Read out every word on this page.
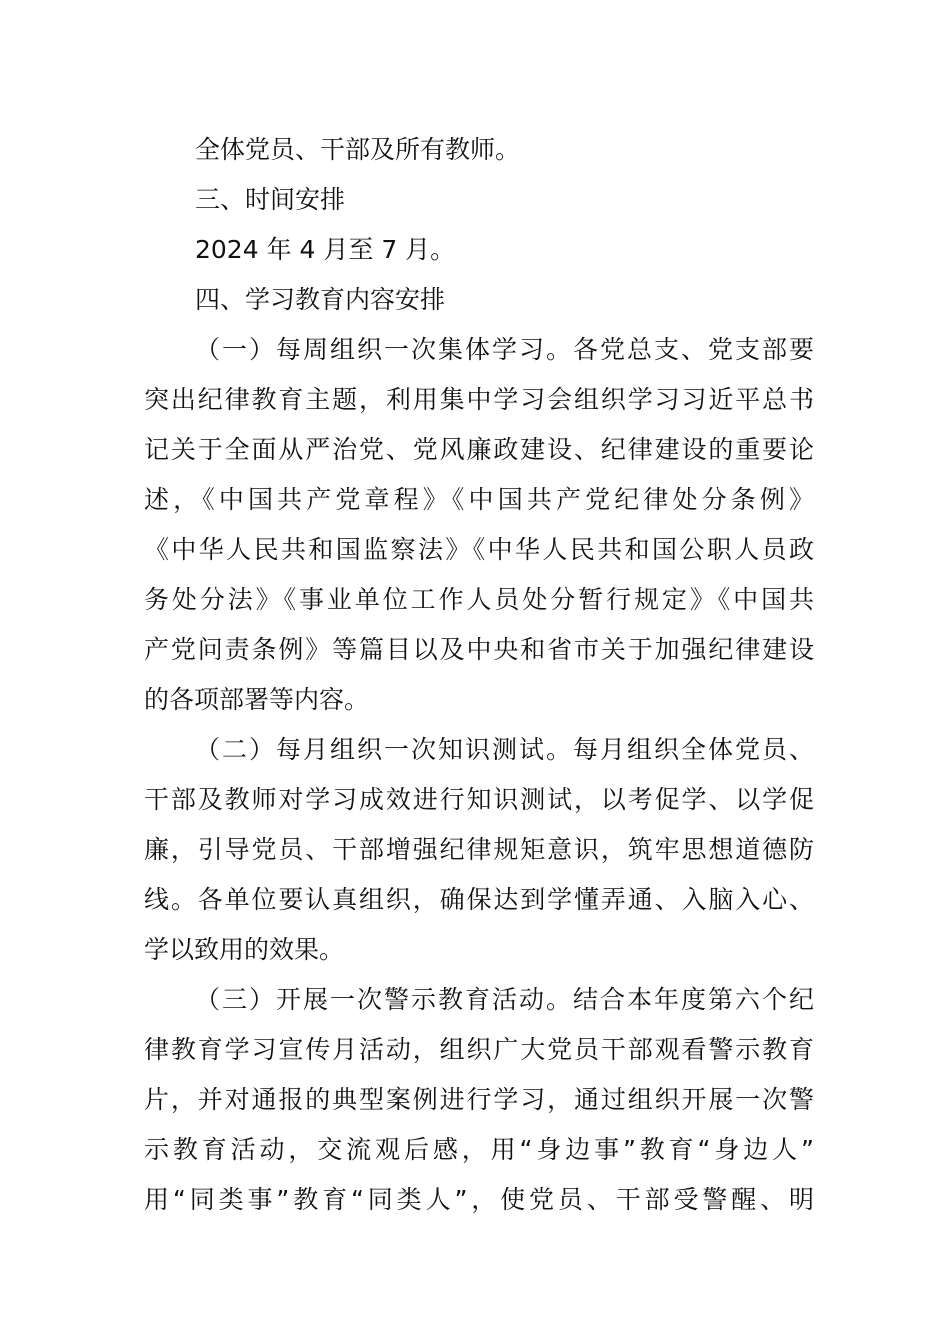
全体党员、干部及所有教师。
三、时间安排
2024 年 4 月至 7 月。
四、学习教育内容安排
（一）每周组织一次集体学习。各党总支、党支部要
突出纪律教育主题，利用集中学习会组织学习习近平总书
记关于全面从严治党、党风廉政建设、纪律建设的重要论
述，《中国共产党章程》《中国共产党纪律处分条例》
《中华人民共和国监察法》《中华人民共和国公职人员政
务处分法》《事业单位工作人员处分暂行规定》《中国共
产党问责条例》等篇目以及中央和省市关于加强纪律建设
的各项部署等内容。
（二）每月组织一次知识测试。每月组织全体党员、
干部及教师对学习成效进行知识测试，以考促学、以学促
廉，引导党员、干部增强纪律规矩意识，筑牢思想道德防
线。各单位要认真组织，确保达到学懂弄通、入脑入心、
学以致用的效果。
（三）开展一次警示教育活动。结合本年度第六个纪
律教育学习宣传月活动，组织广大党员干部观看警示教育
片，并对通报的典型案例进行学习，通过组织开展一次警
示教育活动，交流观后感，用“身边事”教育“身边人”
用“同类事”教育“同类人”，使党员、干部受警醒、明
